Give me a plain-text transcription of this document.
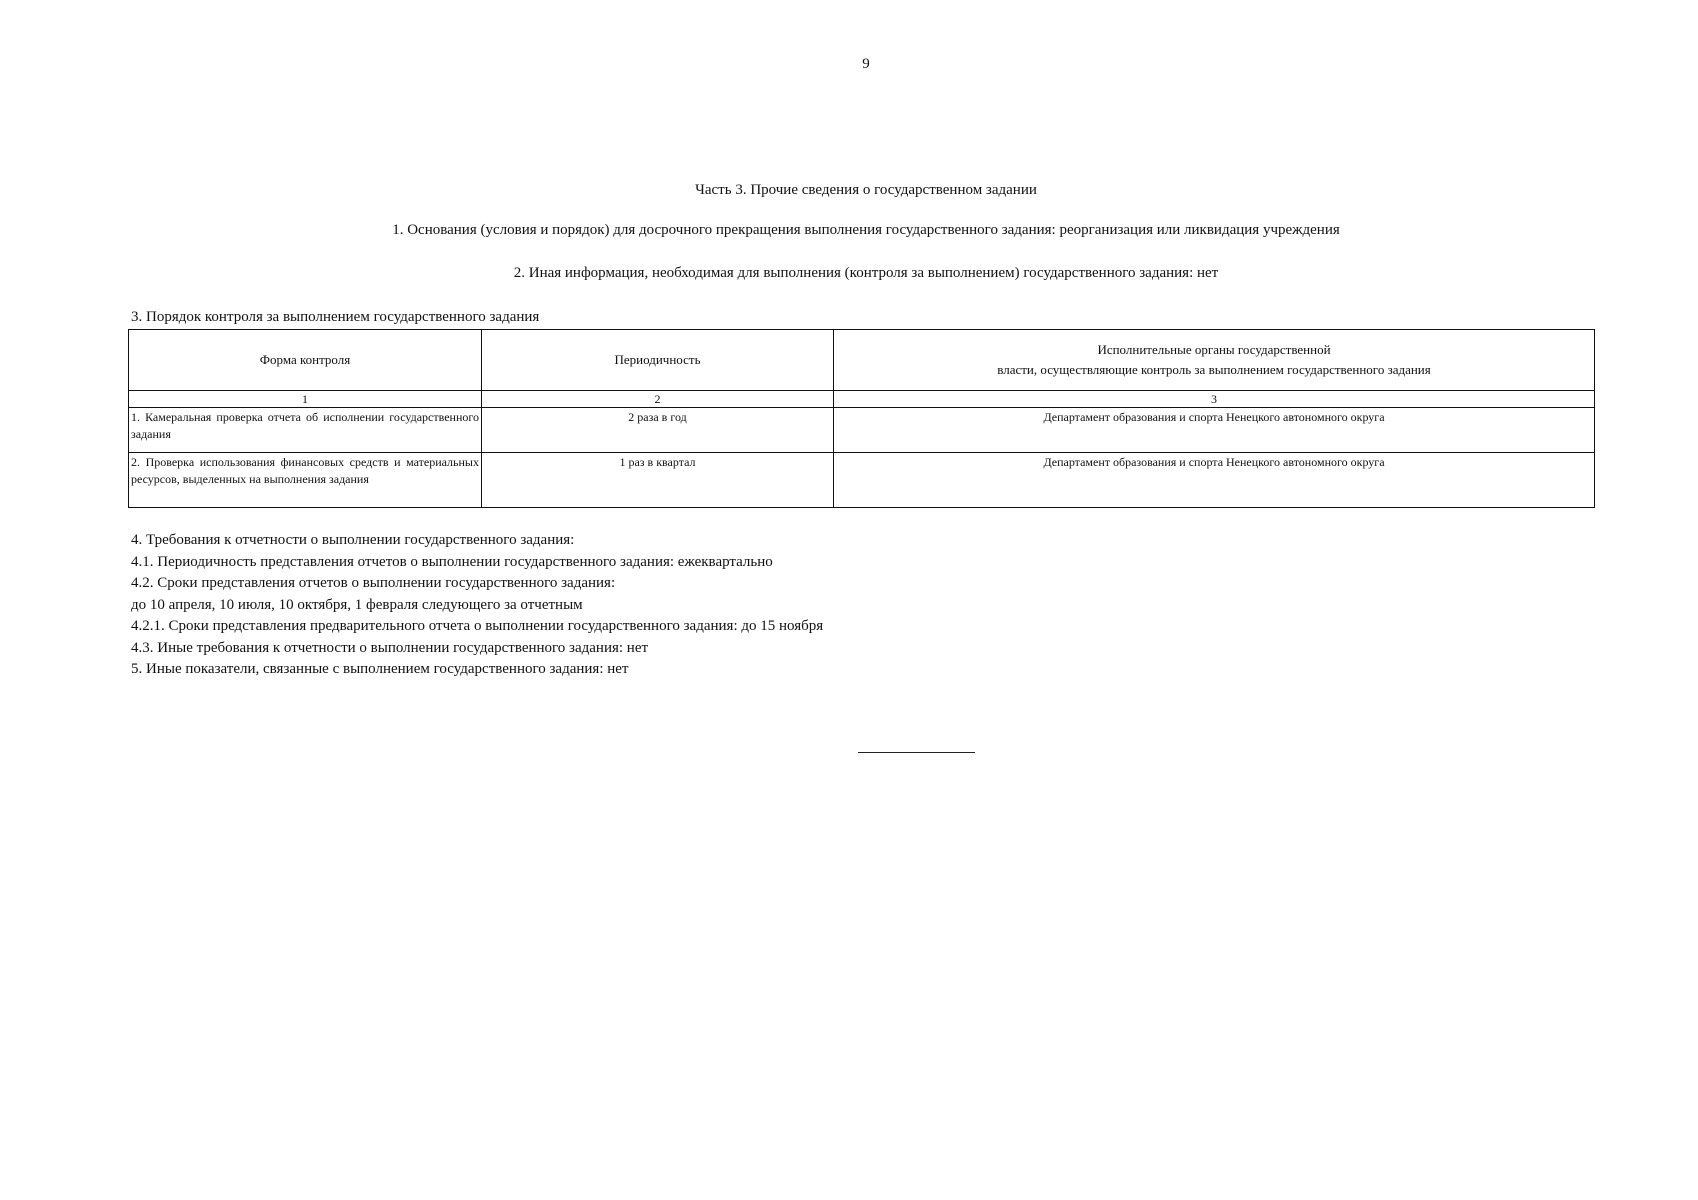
9
Часть 3. Прочие сведения о государственном задании
1. Основания (условия и порядок) для досрочного прекращения выполнения государственного задания: реорганизация или ликвидация учреждения
2. Иная информация, необходимая для выполнения (контроля за выполнением) государственного задания: нет
3. Порядок контроля за выполнением государственного задания
Форма контроля	Периодичность	Исполнительные органы государственной
власти, осуществляющие контроль за выполнением государственного задания
1	2	3
1. Камеральная проверка отчета об исполнении государственного задания	2 раза в год	Департамент образования и спорта Ненецкого автономного округа
2. Проверка использования финансовых средств и материальных ресурсов, выделенных на выполнения задания	1 раз в квартал	Департамент образования и спорта Ненецкого автономного округа
4. Требования к отчетности о выполнении государственного задания:
4.1. Периодичность представления отчетов о выполнении государственного задания: ежеквартально
4.2. Сроки представления отчетов о выполнении государственного задания:
до 10 апреля, 10 июля, 10 октября, 1 февраля следующего за отчетным
4.2.1. Сроки представления предварительного отчета о выполнении государственного задания: до 15 ноября
4.3. Иные требования к отчетности о выполнении государственного задания: нет
5. Иные показатели, связанные с выполнением государственного задания: нет
